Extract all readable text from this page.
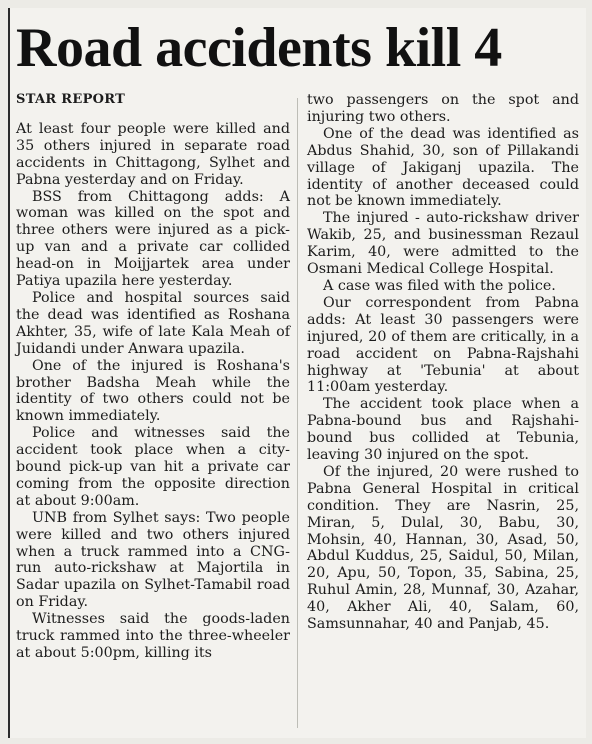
Road accidents kill 4
STAR REPORT

At least four people were killed and 35 others injured in separate road accidents in Chittagong, Sylhet and Pabna yesterday and on Friday.

BSS from Chittagong adds: A woman was killed on the spot and three others were injured as a pick-up van and a private car collided head-on in Moijjartek area under Patiya upazila here yesterday.

Police and hospital sources said the dead was identified as Roshana Akhter, 35, wife of late Kala Meah of Juidandi under Anwara upazila.

One of the injured is Roshana's brother Badsha Meah while the identity of two others could not be known immediately.

Police and witnesses said the accident took place when a city-bound pick-up van hit a private car coming from the opposite direction at about 9:00am.

UNB from Sylhet says: Two people were killed and two others injured when a truck rammed into a CNG-run auto-rickshaw at Majortila in Sadar upazila on Sylhet-Tamabil road on Friday.

Witnesses said the goods-laden truck rammed into the three-wheeler at about 5:00pm, killing its

two passengers on the spot and injuring two others.

One of the dead was identified as Abdus Shahid, 30, son of Pillakandi village of Jakiganj upazila. The identity of another deceased could not be known immediately.

The injured - auto-rickshaw driver Wakib, 25, and businessman Rezaul Karim, 40, were admitted to the Osmani Medical College Hospital.

A case was filed with the police.

Our correspondent from Pabna adds: At least 30 passengers were injured, 20 of them are critically, in a road accident on Pabna-Rajshahi highway at 'Tebunia' at about 11:00am yesterday.

The accident took place when a Pabna-bound bus and Rajshahi-bound bus collided at Tebunia, leaving 30 injured on the spot.

Of the injured, 20 were rushed to Pabna General Hospital in critical condition. They are Nasrin, 25, Miran, 5, Dulal, 30, Babu, 30, Mohsin, 40, Hannan, 30, Asad, 50, Abdul Kuddus, 25, Saidul, 50, Milan, 20, Apu, 50, Topon, 35, Sabina, 25, Ruhul Amin, 28, Munnaf, 30, Azahar, 40, Akher Ali, 40, Salam, 60, Samsunnahar, 40 and Panjab, 45.
